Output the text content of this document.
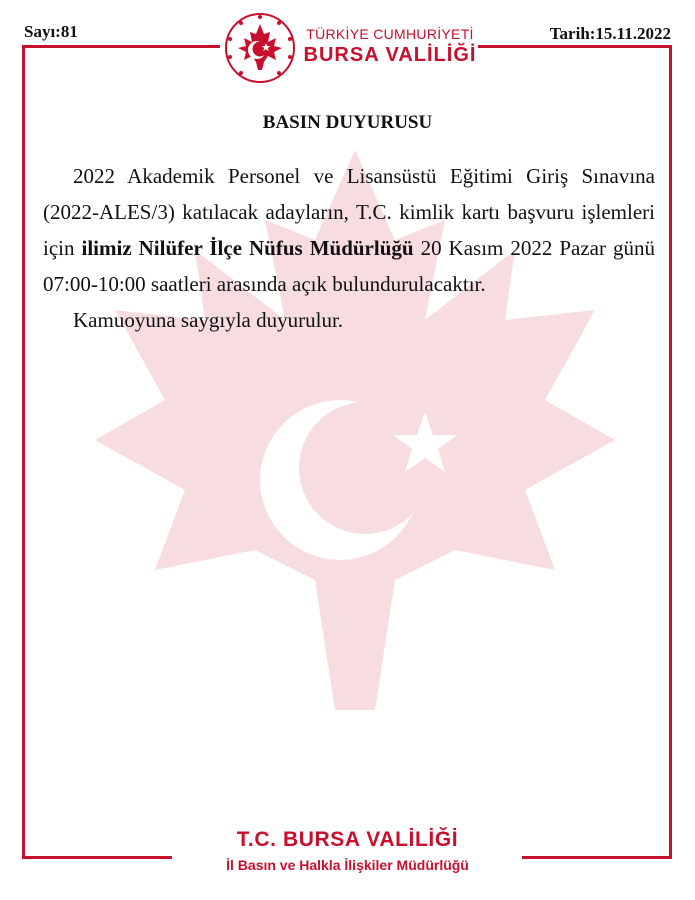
Sayı:81	TÜRKİYE CUMHURİYETİ
BURSA VALİLİĞİ
Tarih:15.11.2022
BASIN DUYURUSU

2022 Akademik Personel ve Lisansüstü Eğitimi Giriş Sınavına (2022-ALES/3) katılacak adayların, T.C. kimlik kartı başvuru işlemleri için ilimiz Nilüfer İlçe Nüfus Müdürlüğü 20 Kasım 2022 Pazar günü 07:00-10:00 saatleri arasında açık bulundurulacaktır.

Kamuoyuna saygıyla duyurulur.

T.C. BURSA VALİLİĞİ
İl Basın ve Halkla İlişkiler Müdürlüğü
